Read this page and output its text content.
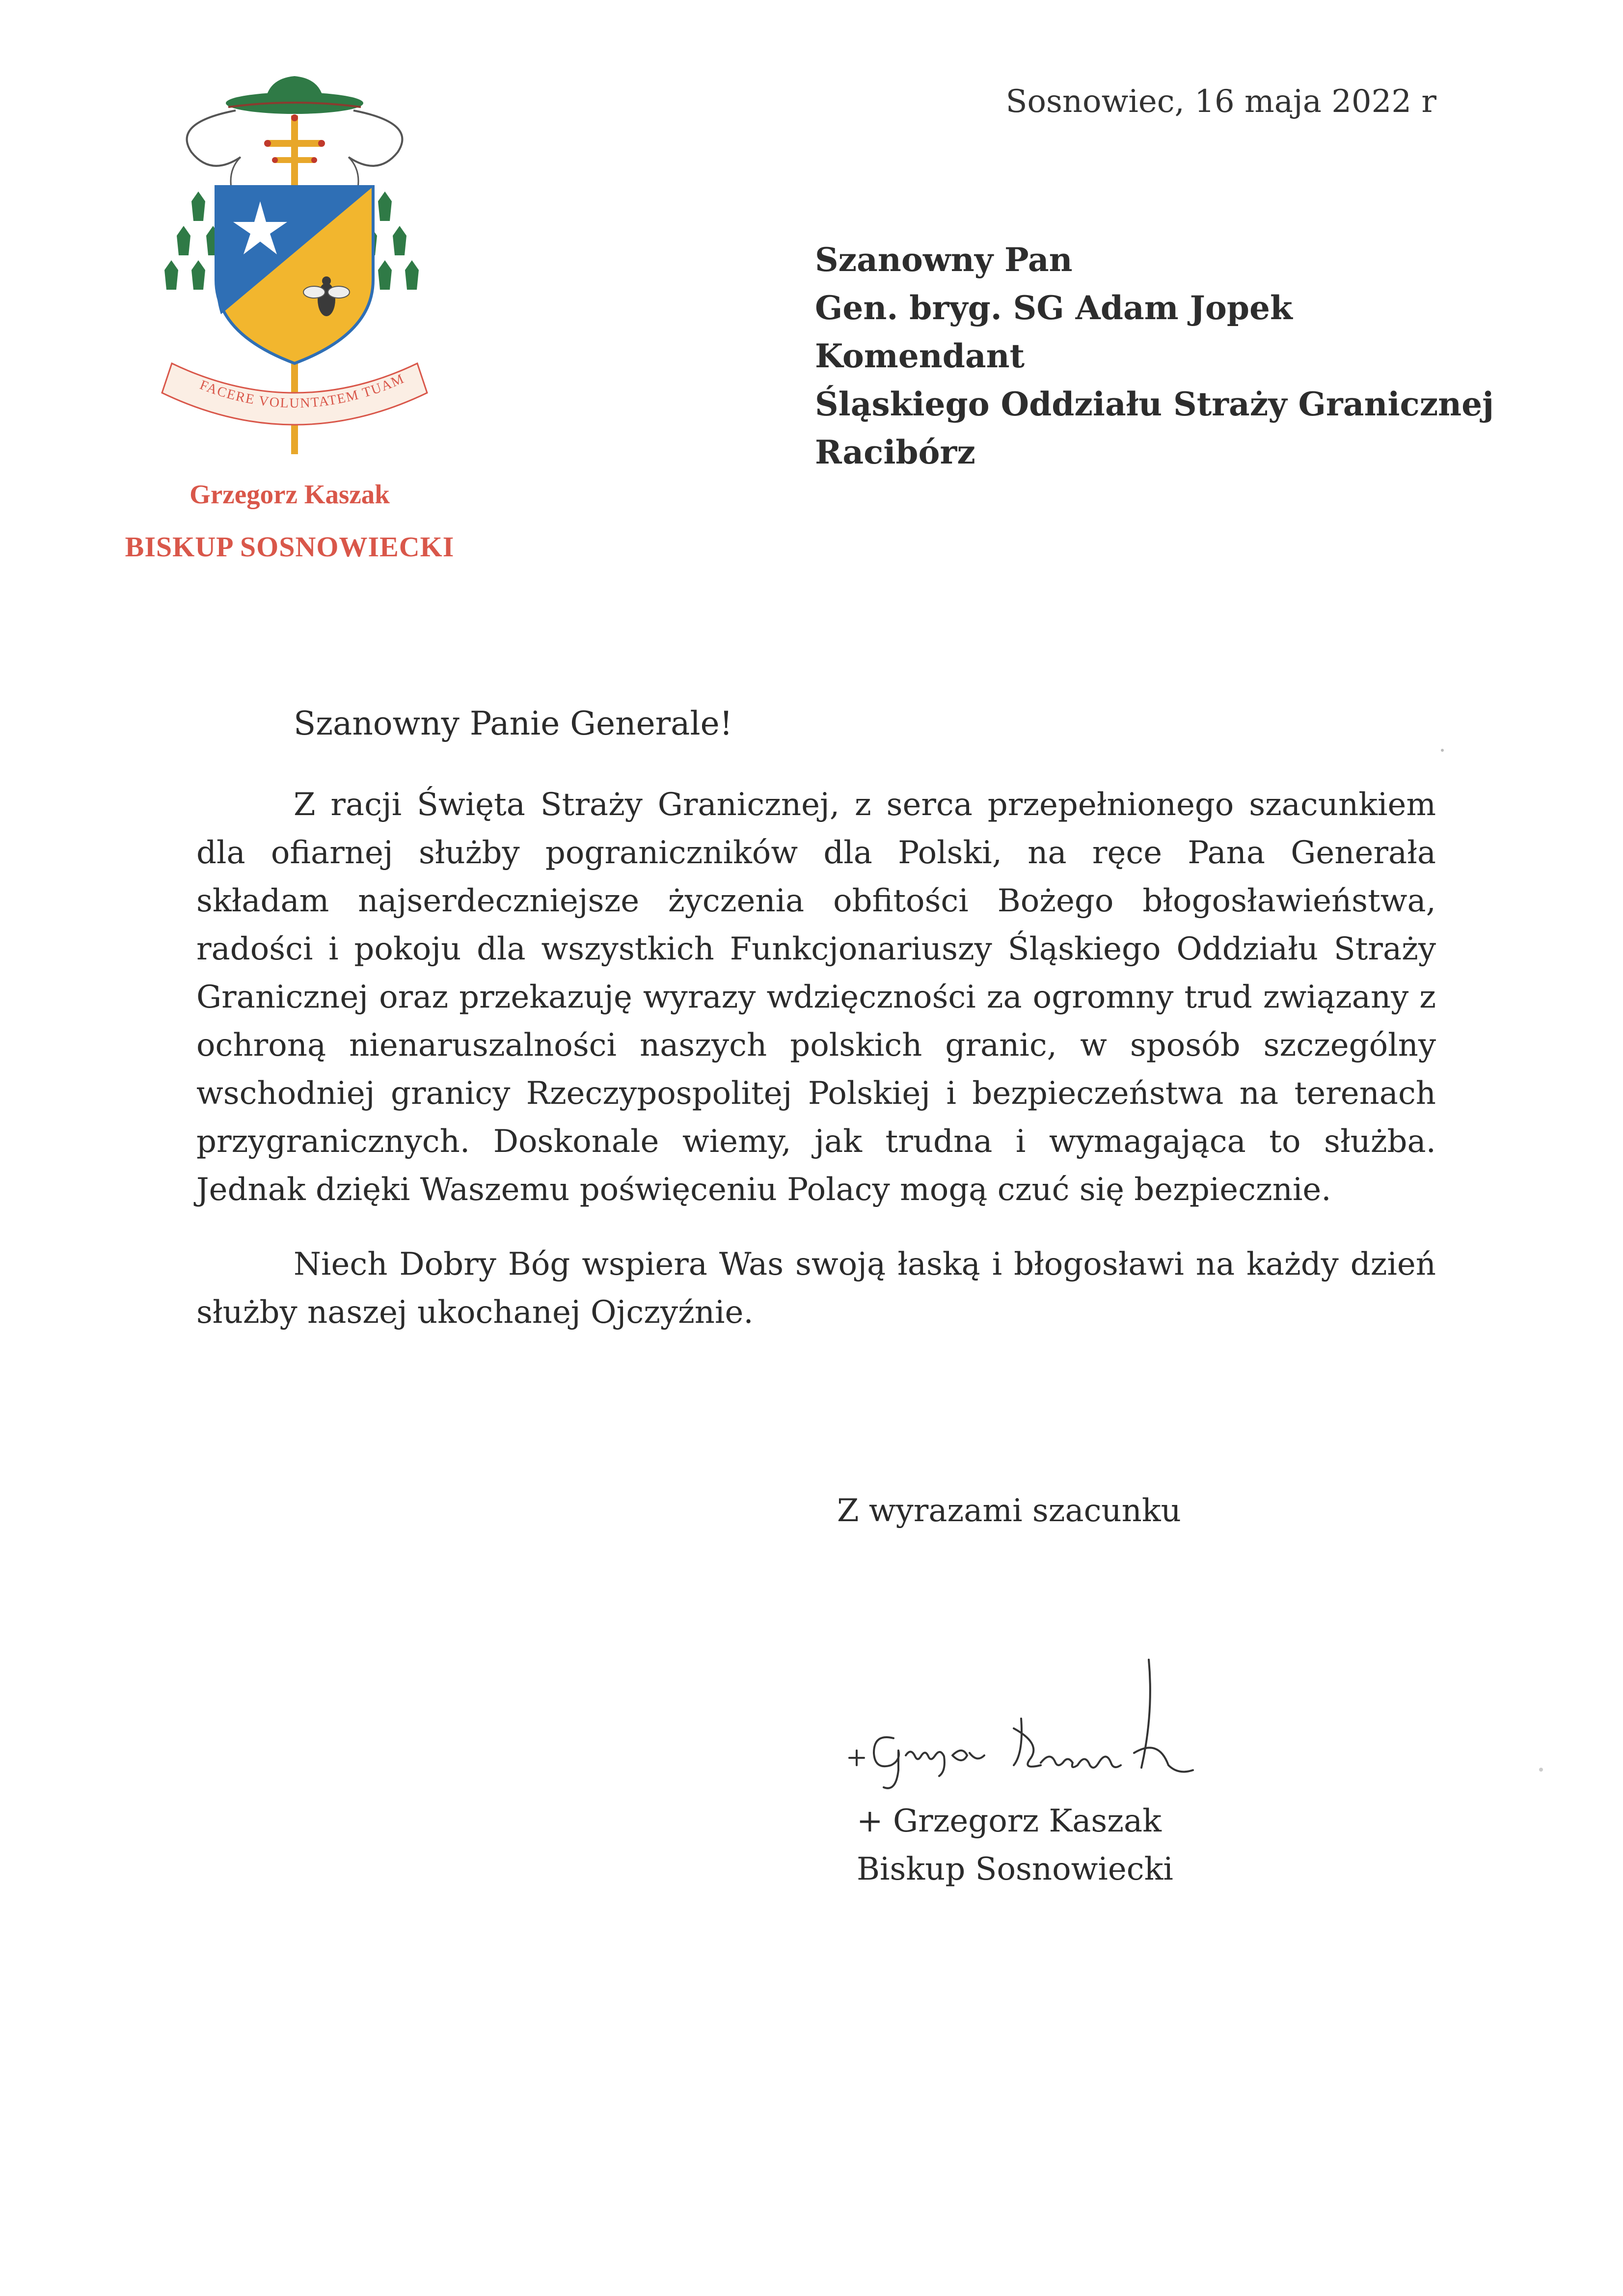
FACERE VOLUNTATEM TUAM
Grzegorz Kaszak
BISKUP SOSNOWIECKI
Sosnowiec, 16 maja 2022 r
Szanowny Pan
Gen. bryg. SG Adam Jopek
Komendant
Śląskiego Oddziału Straży Granicznej
Racibórz
Szanowny Panie Generale!

Z racji Święta Straży Granicznej, z serca przepełnionego szacunkiem dla ofiarnej służby pograniczników dla Polski, na ręce Pana Generała składam najserdeczniejsze życzenia obfitości Bożego błogosławieństwa, radości i pokoju dla wszystkich Funkcjonariuszy Śląskiego Oddziału Straży Granicznej oraz przekazuję wyrazy wdzięczności za ogromny trud związany z ochroną nienaruszalności naszych polskich granic, w sposób szczególny wschodniej granicy Rzeczypospolitej Polskiej i bezpieczeństwa na terenach przygranicznych. Doskonale wiemy, jak trudna i wymagająca to służba. Jednak dzięki Waszemu poświęceniu Polacy mogą czuć się bezpiecznie.

Niech Dobry Bóg wspiera Was swoją łaską i błogosławi na każdy dzień służby naszej ukochanej Ojczyźnie.

Z wyrazami szacunku
+ Grzegorz Kaszak
Biskup Sosnowiecki
